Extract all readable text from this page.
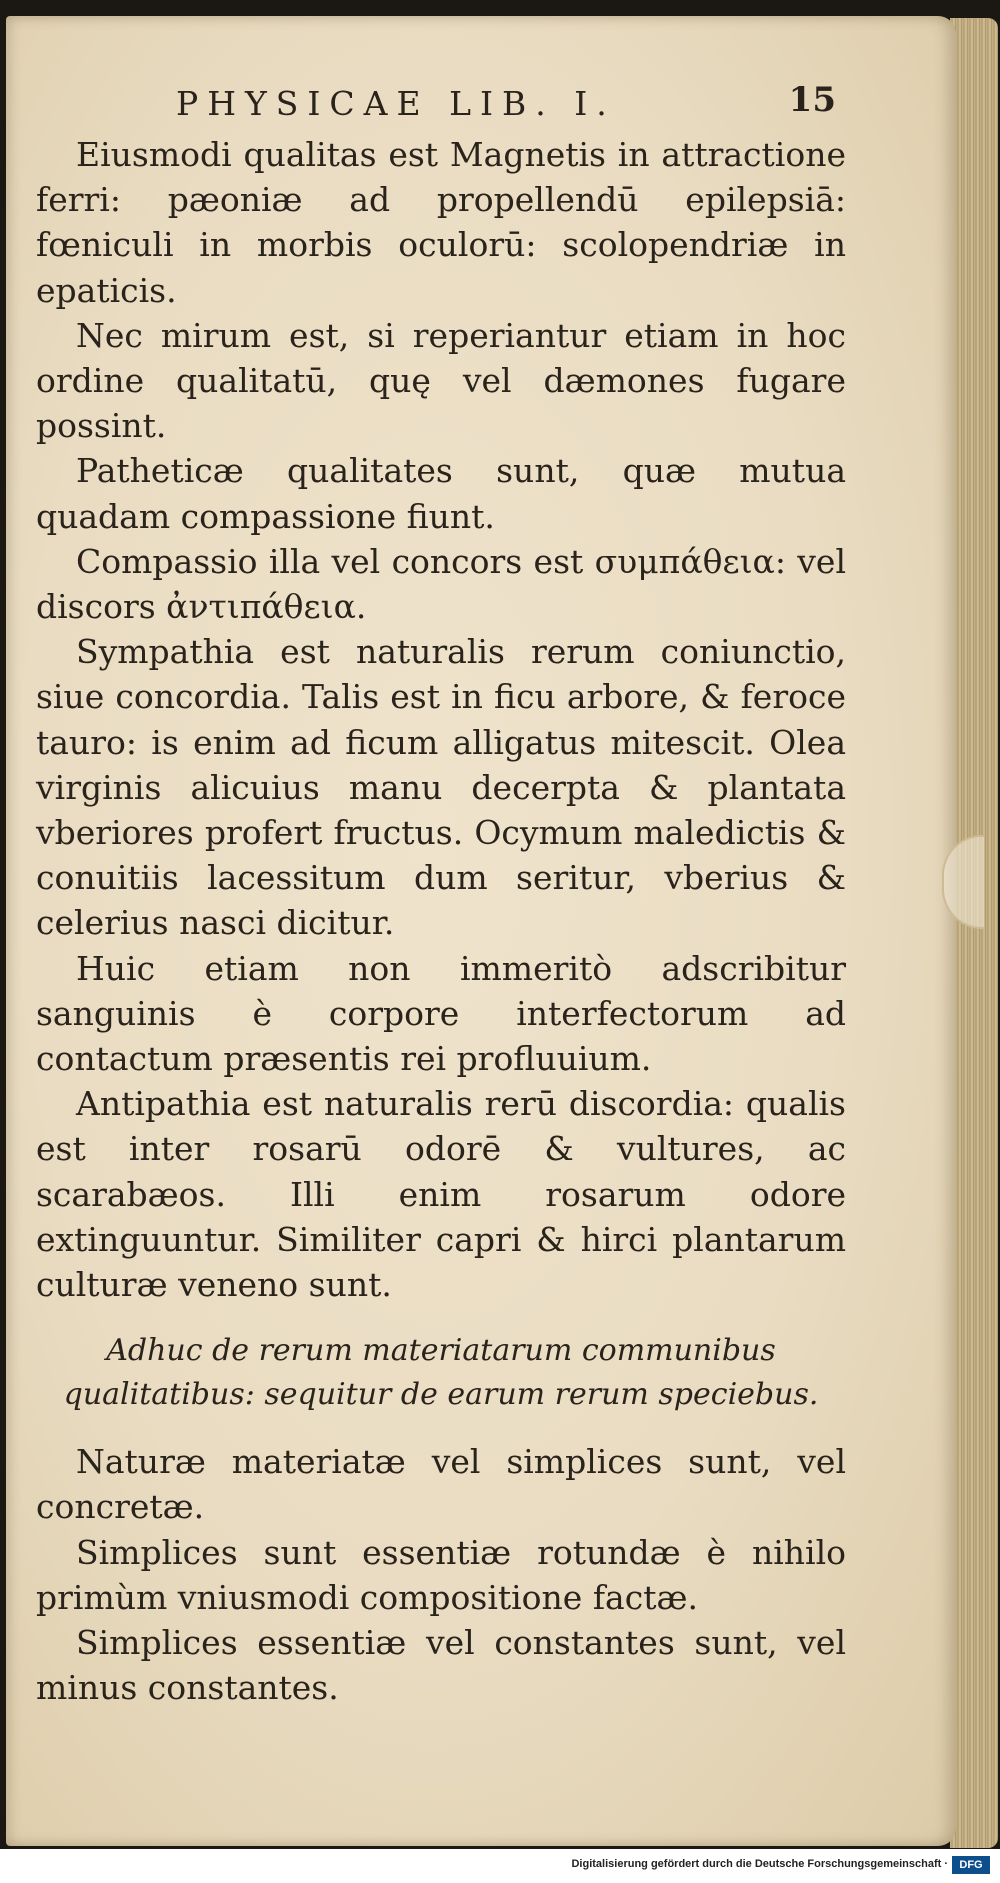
PHYSICAE LIB. I.	15

Eiusmodi qualitas est Magnetis in attractione ferri: pæoniæ ad propellendū epilepsiā: fœniculi in morbis oculorū: scolopendriæ in epaticis.

Nec mirum est, si reperiantur etiam in hoc ordine qualitatū, quę vel dæmones fugare possint.

Patheticæ qualitates sunt, quæ mutua quadam compassione fiunt.

Compassio illa vel concors est συμπάθεια: vel discors ἀντιπάθεια.

Sympathia est naturalis rerum coniunctio, siue concordia. Talis est in ficu arbore, & feroce tauro: is enim ad ficum alligatus mitescit. Olea virginis alicuius manu decerpta & plantata vberiores profert fructus. Ocymum maledictis & conuitiis lacessitum dum seritur, vberius & celerius nasci dicitur.

Huic etiam non immeritò adscribitur sanguinis è corpore interfectorum ad contactum præsentis rei profluuium.

Antipathia est naturalis rerū discordia: qualis est inter rosarū odorē & vultures, ac scarabæos. Illi enim rosarum odore extinguuntur. Similiter capri & hirci plantarum culturæ veneno sunt.

Adhuc de rerum materiatarum communibus qualitatibus: sequitur de earum rerum speciebus.

Naturæ materiatæ vel simplices sunt, vel concretæ.

Simplices sunt essentiæ rotundæ è nihilo primùm vniusmodi compositione factæ.

Simplices essentiæ vel constantes sunt, vel minus constantes.

Digitalisierung gefördert durch die Deutsche Forschungsgemeinschaft ·	DFG
